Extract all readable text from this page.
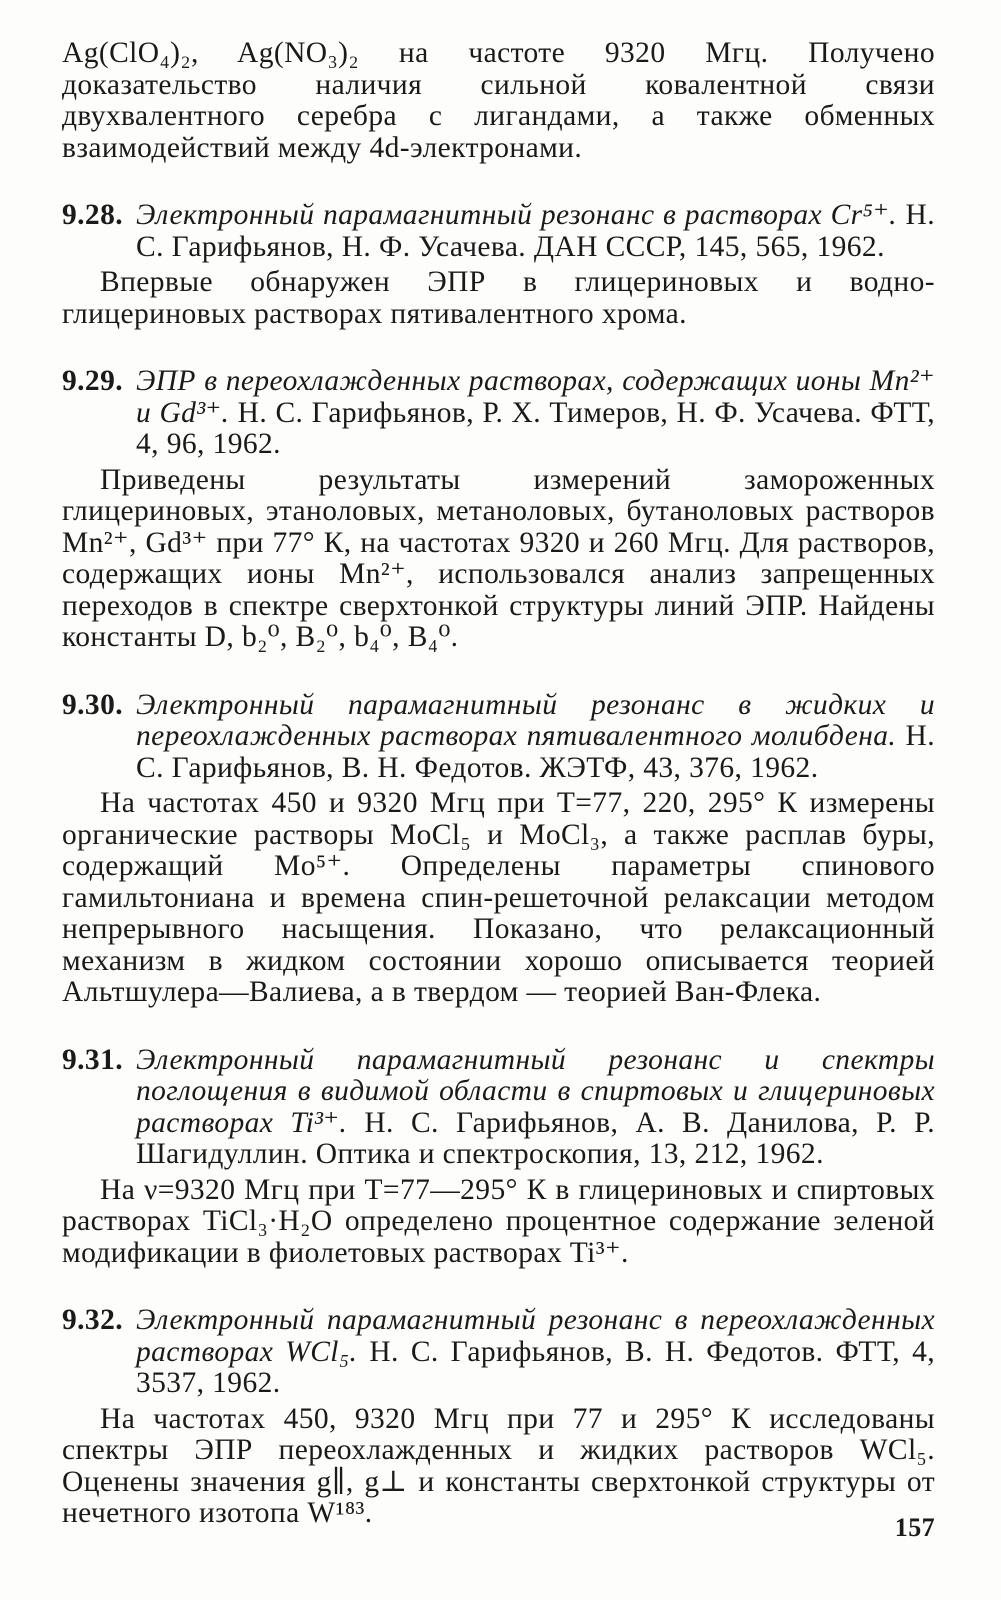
Ag(ClO₄)₂, Ag(NO₃)₂ на частоте 9320 Мгц. Получено доказательство наличия сильной ковалентной связи двухвалентного серебра с лигандами, а также обменных взаимодействий между 4d-электронами.

9.28. Электронный парамагнитный резонанс в растворах Cr⁵⁺. Н. С. Гарифьянов, Н. Ф. Усачева. ДАН СССР, 145, 565, 1962.

Впервые обнаружен ЭПР в глицериновых и водно-глицериновых растворах пятивалентного хрома.

9.29. ЭПР в переохлажденных растворах, содержащих ионы Mn²⁺ и Gd³⁺. Н. С. Гарифьянов, Р. Х. Тимеров, Н. Ф. Усачева. ФТТ, 4, 96, 1962.

Приведены результаты измерений замороженных глицериновых, этаноловых, метаноловых, бутаноловых растворов Mn²⁺, Gd³⁺ при 77° К, на частотах 9320 и 260 Мгц. Для растворов, содержащих ионы Mn²⁺, использовался анализ запрещенных переходов в спектре сверхтонкой структуры линий ЭПР. Найдены константы D, b₂⁰, B₂⁰, b₄⁰, B₄⁰.

9.30. Электронный парамагнитный резонанс в жидких и переохлажденных растворах пятивалентного молибдена. Н. С. Гарифьянов, В. Н. Федотов. ЖЭТФ, 43, 376, 1962.

На частотах 450 и 9320 Мгц при T=77, 220, 295° К измерены органические растворы MoCl₅ и MoCl₃, а также расплав буры, содержащий Mo⁵⁺. Определены параметры спинового гамильтониана и времена спин-решеточной релаксации методом непрерывного насыщения. Показано, что релаксационный механизм в жидком состоянии хорошо описывается теорией Альтшулера—Валиева, а в твердом — теорией Ван-Флека.

9.31. Электронный парамагнитный резонанс и спектры поглощения в видимой области в спиртовых и глицериновых растворах Ti³⁺. Н. С. Гарифьянов, А. В. Данилова, Р. Р. Шагидуллин. Оптика и спектроскопия, 13, 212, 1962.

На ν=9320 Мгц при T=77—295° К в глицериновых и спиртовых растворах TiCl₃·H₂O определено процентное содержание зеленой модификации в фиолетовых растворах Ti³⁺.

9.32. Электронный парамагнитный резонанс в переохлажденных растворах WCl₅. Н. С. Гарифьянов, В. Н. Федотов. ФТТ, 4, 3537, 1962.

На частотах 450, 9320 Мгц при 77 и 295° К исследованы спектры ЭПР переохлажденных и жидких растворов WCl₅. Оценены значения g∥, g⊥ и константы сверхтонкой структуры от нечетного изотопа W¹⁸³.	157
